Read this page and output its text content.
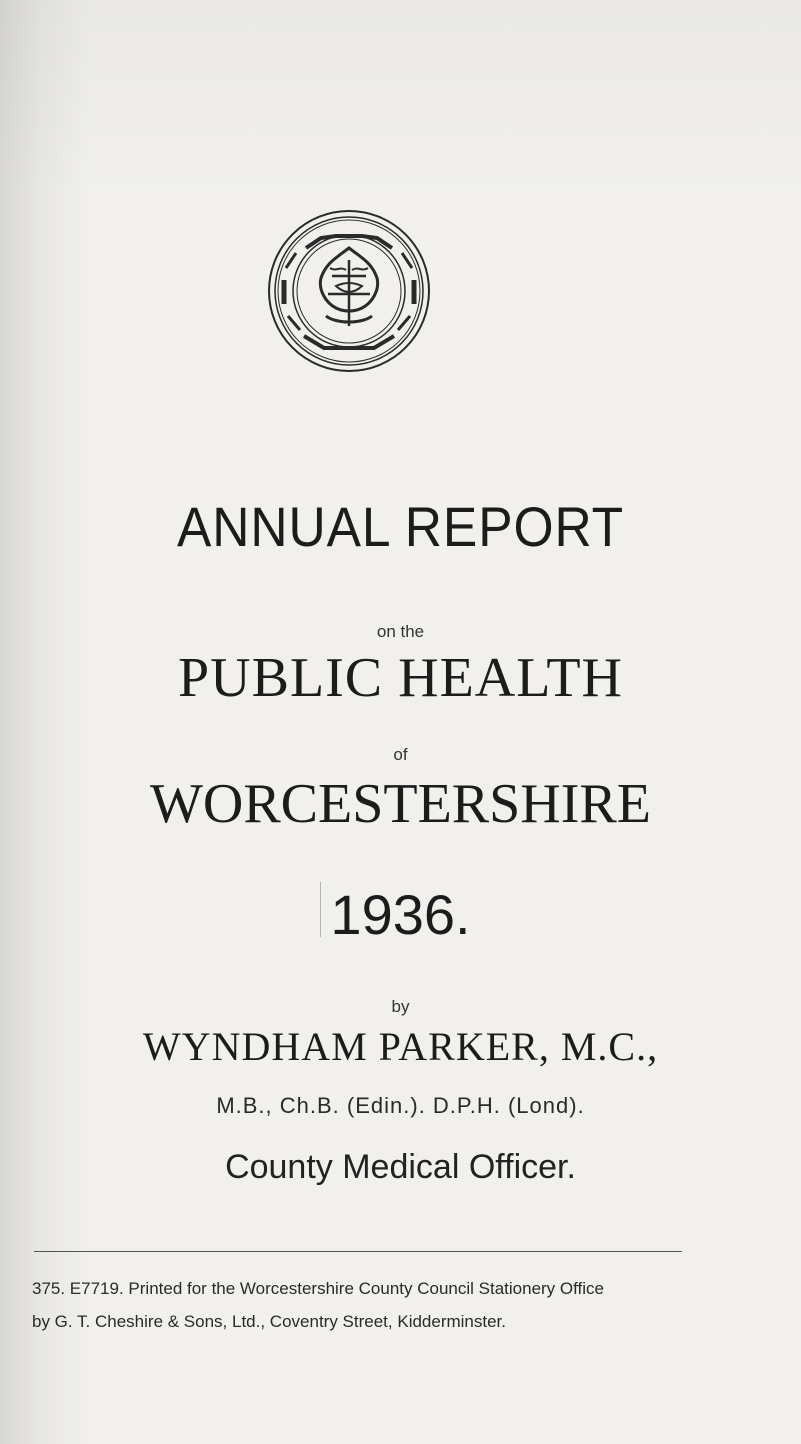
ANNUAL REPORT
on the
PUBLIC HEALTH
of
WORCESTERSHIRE
1936.
by
WYNDHAM PARKER, M.C.,
M.B., Ch.B. (Edin.). D.P.H. (Lond).
County Medical Officer.
375. E7719. Printed for the Worcestershire County Council Stationery Office
by G. T. Cheshire & Sons, Ltd., Coventry Street, Kidderminster.
